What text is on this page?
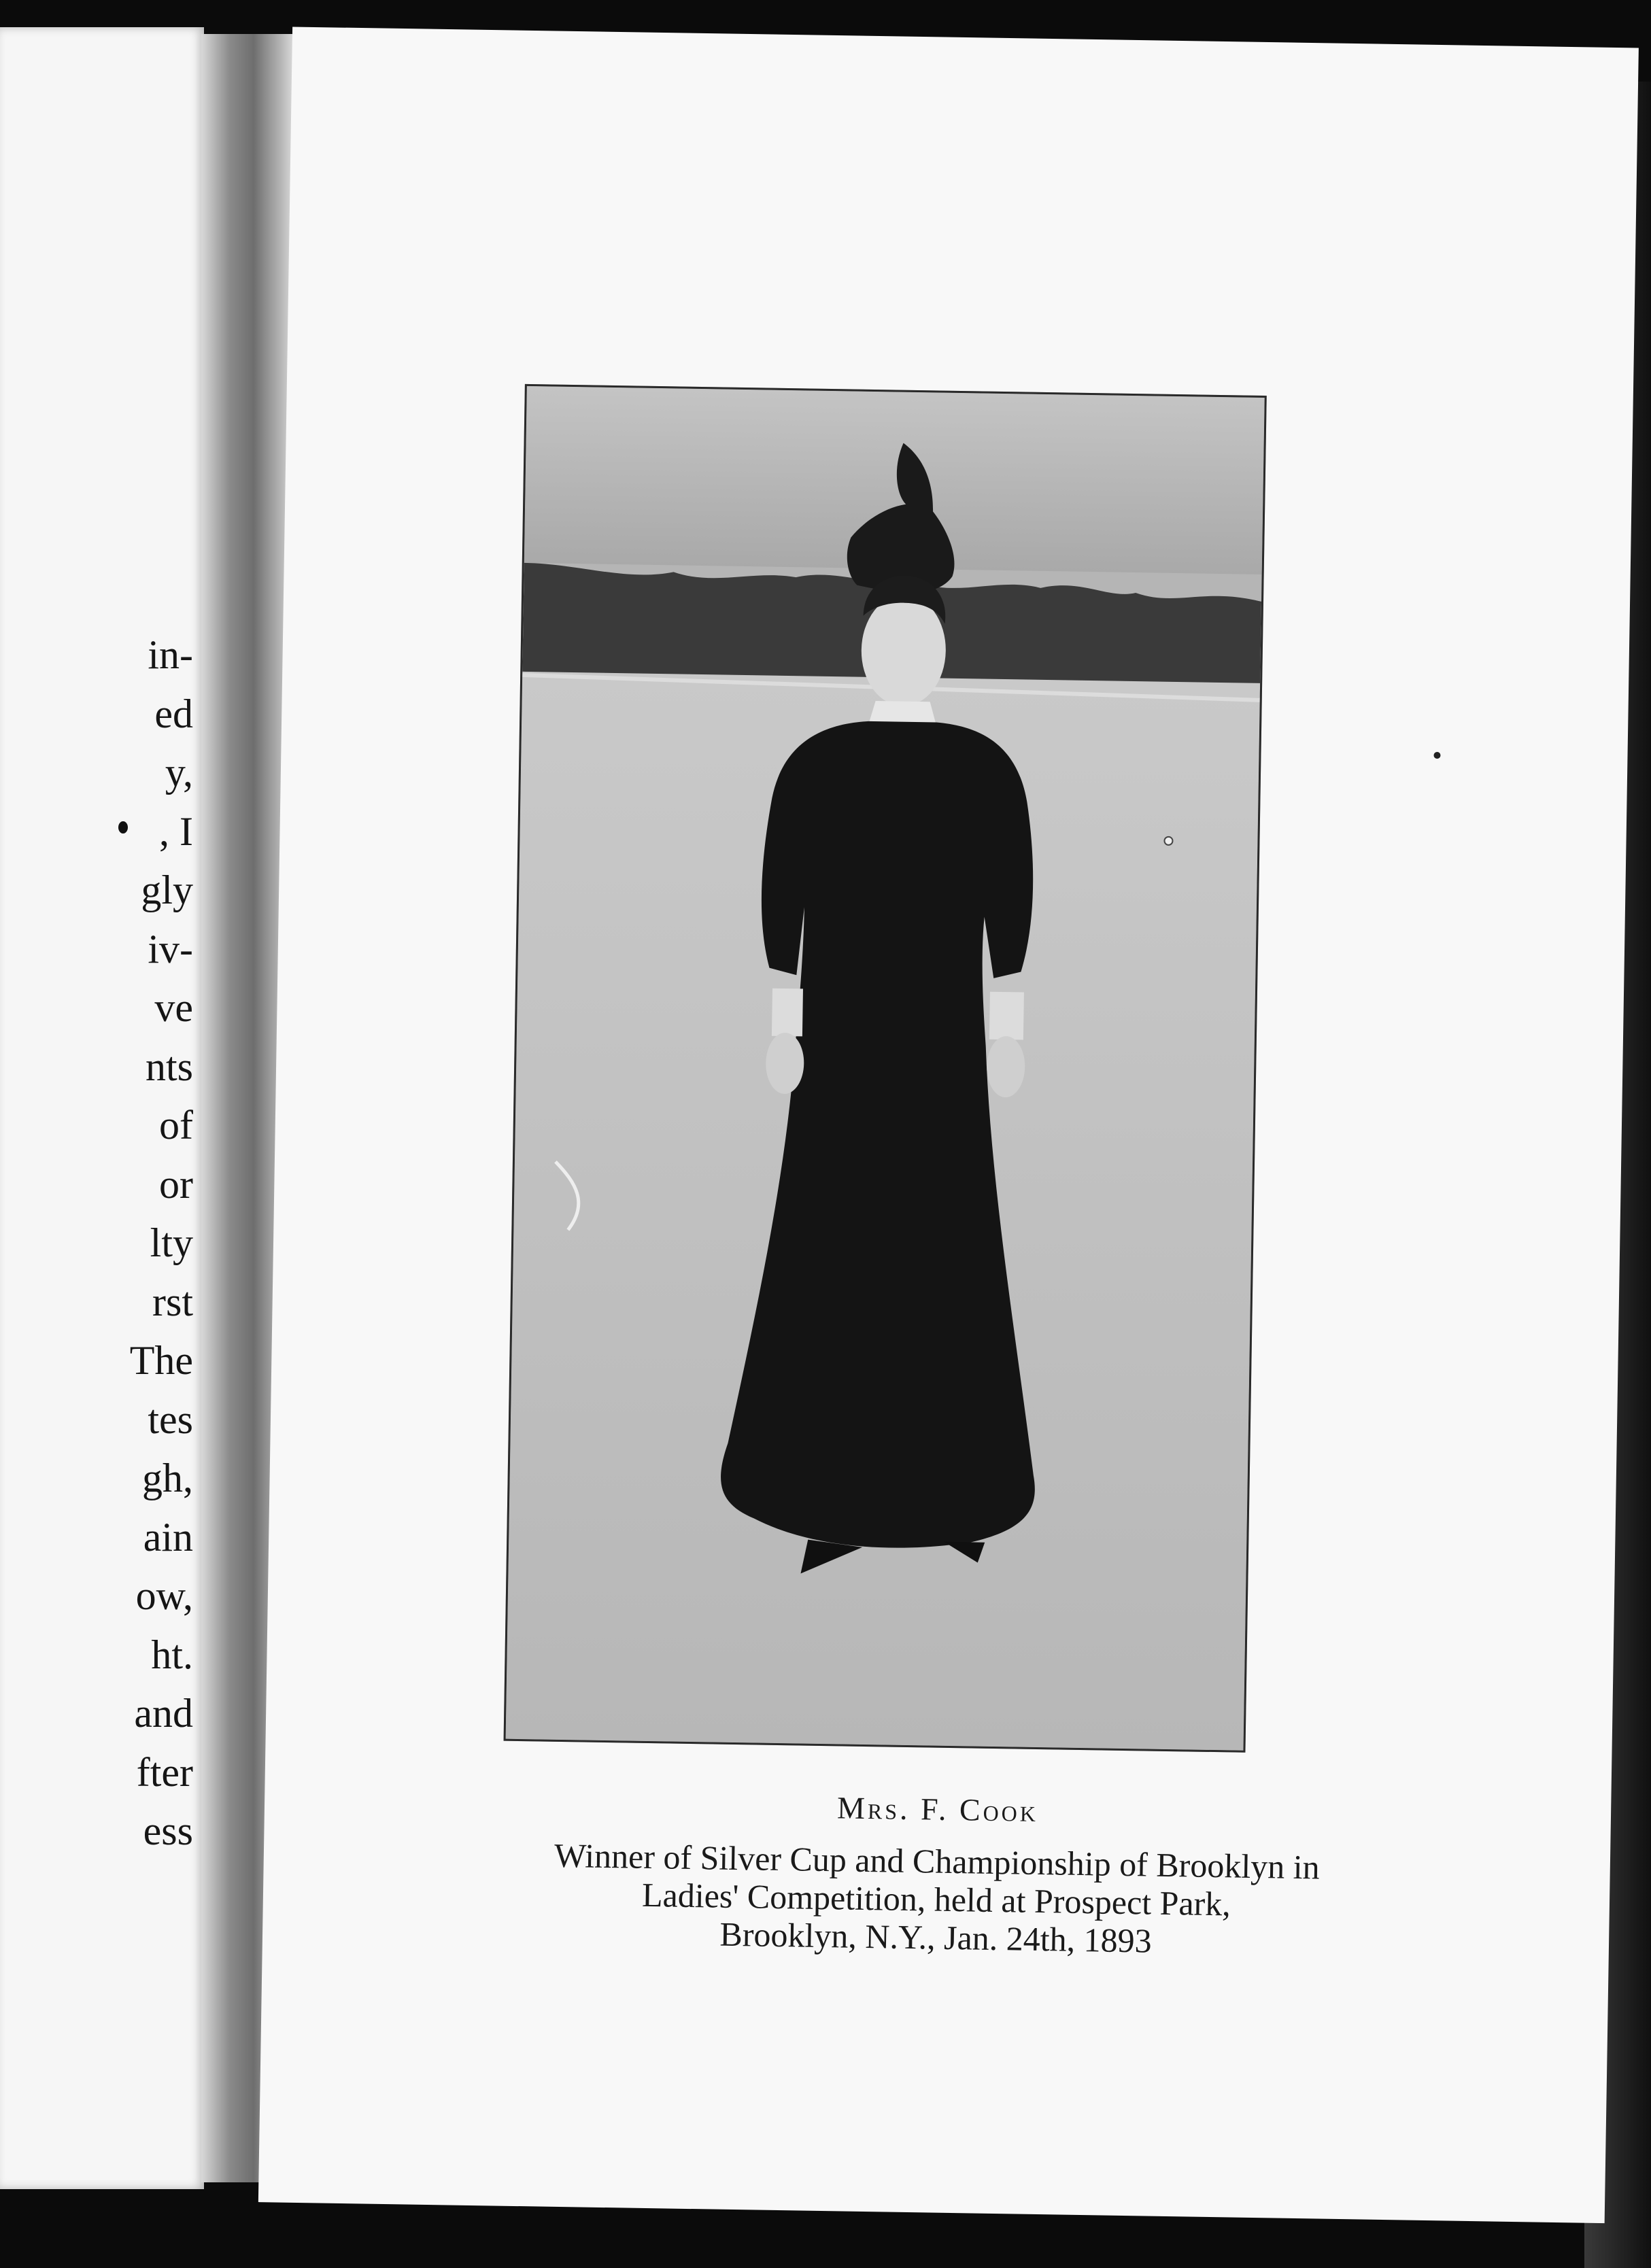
in-
ed
y,
, I
gly
iv-
ve
nts
of
or
lty
rst
The
tes
gh,
ain
ow,
ht.
and
fter
ess	Mrs. F. Cook
Winner of Silver Cup and Championship of Brooklyn in
Ladies' Competition, held at Prospect Park,
Brooklyn, N.Y., Jan. 24th, 1893
